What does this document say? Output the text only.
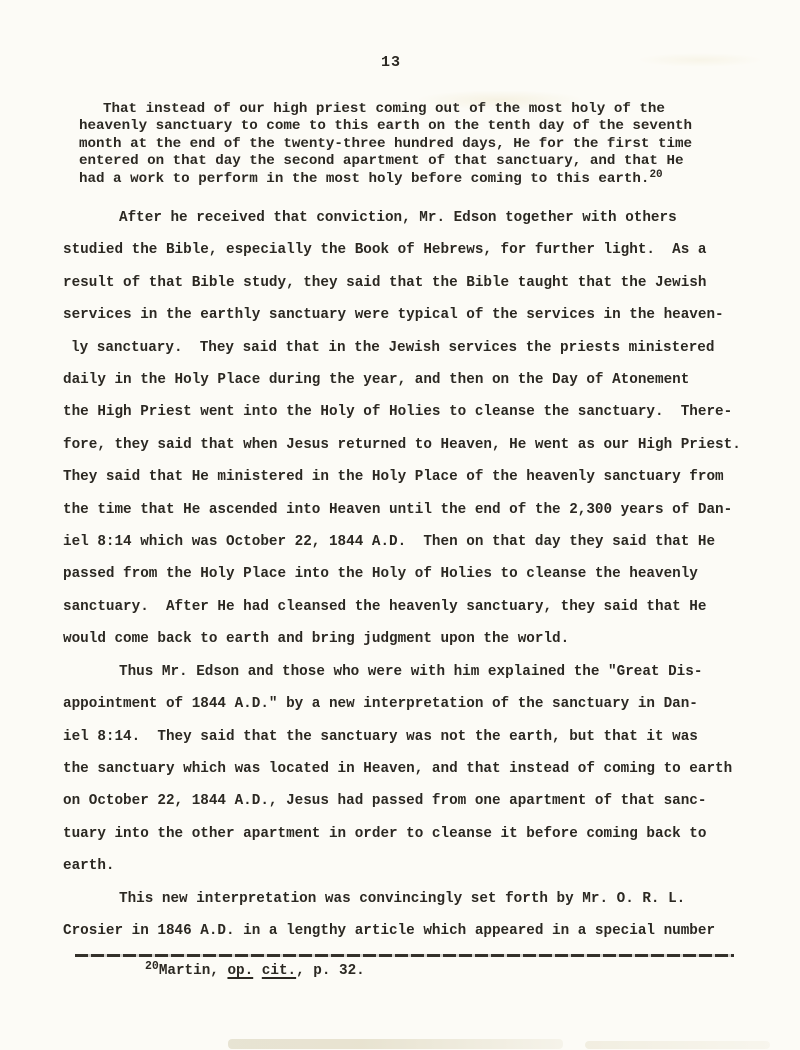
13
That instead of our high priest coming out of the most holy of the
heavenly sanctuary to come to this earth on the tenth day of the seventh
month at the end of the twenty-three hundred days, He for the first time
entered on that day the second apartment of that sanctuary, and that He
had a work to perform in the most holy before coming to this earth.$^{20}$
After he received that conviction, Mr. Edson together with others
studied the Bible, especially the Book of Hebrews, for further light.  As a
result of that Bible study, they said that the Bible taught that the Jewish
services in the earthly sanctuary were typical of the services in the heaven-
ly sanctuary.  They said that in the Jewish services the priests ministered
daily in the Holy Place during the year, and then on the Day of Atonement
the High Priest went into the Holy of Holies to cleanse the sanctuary.  There-
fore, they said that when Jesus returned to Heaven, He went as our High Priest.
They said that He ministered in the Holy Place of the heavenly sanctuary from
the time that He ascended into Heaven until the end of the 2,300 years of Dan-
iel 8:14 which was October 22, 1844 A.D.  Then on that day they said that He
passed from the Holy Place into the Holy of Holies to cleanse the heavenly
sanctuary.  After He had cleansed the heavenly sanctuary, they said that He
would come back to earth and bring judgment upon the world.
Thus Mr. Edson and those who were with him explained the "Great Dis-
appointment of 1844 A.D." by a new interpretation of the sanctuary in Dan-
iel 8:14.  They said that the sanctuary was not the earth, but that it was
the sanctuary which was located in Heaven, and that instead of coming to earth
on October 22, 1844 A.D., Jesus had passed from one apartment of that sanc-
tuary into the other apartment in order to cleanse it before coming back to
earth.
This new interpretation was convincingly set forth by Mr. O. R. L.
Crosier in 1846 A.D. in a lengthy article which appeared in a special number
$^{20}$Martin, op. cit., p. 32.
